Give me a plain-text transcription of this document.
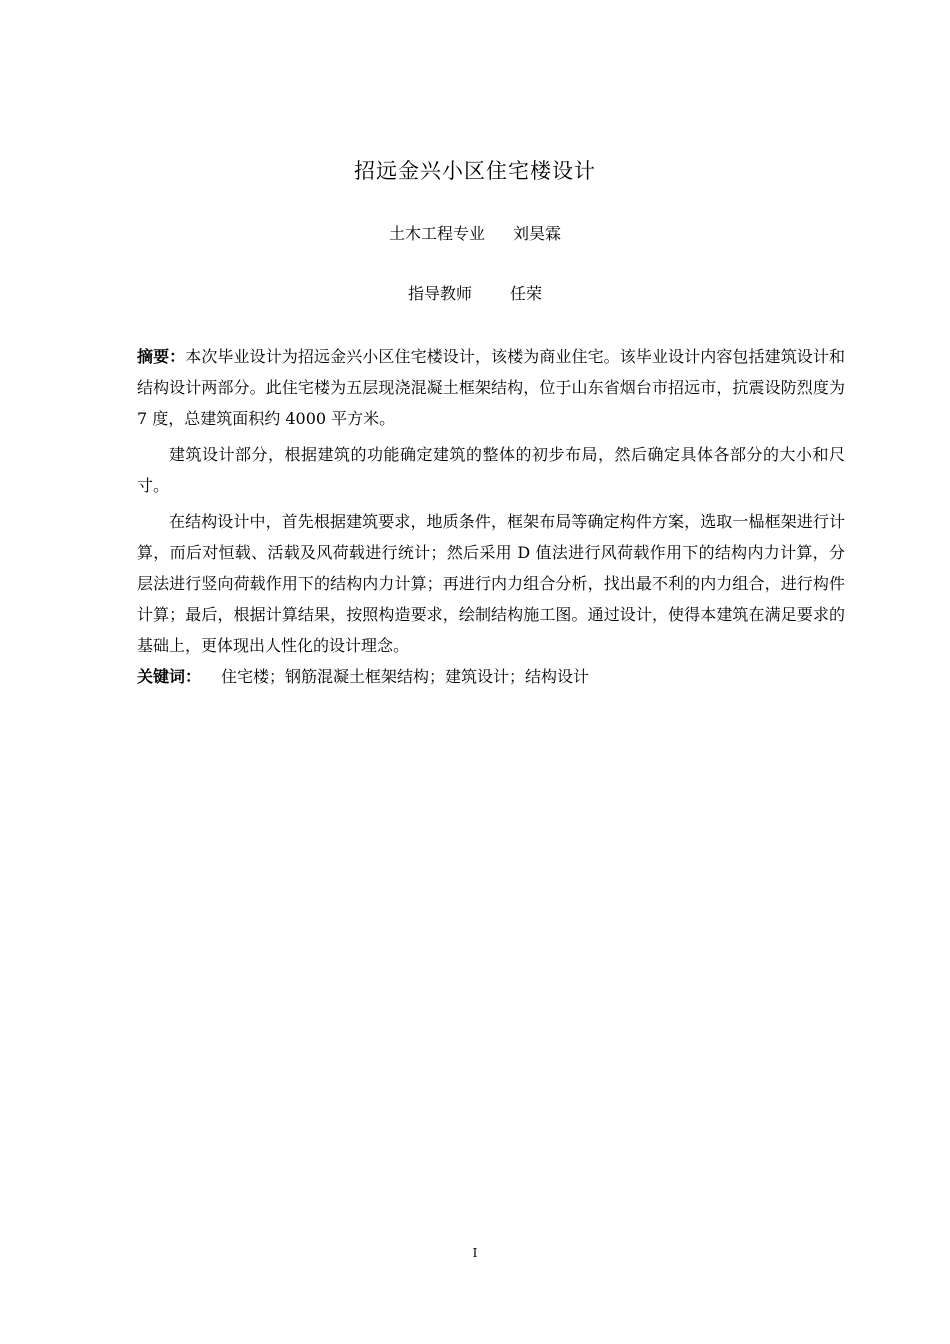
招远金兴小区住宅楼设计
土木工程专业 刘昊霖
指导教师 任荣

摘要：本次毕业设计为招远金兴小区住宅楼设计，该楼为商业住宅。该毕业设计内容包括建筑设计和结构设计两部分。此住宅楼为五层现浇混凝土框架结构，位于山东省烟台市招远市，抗震设防烈度为 7 度，总建筑面积约 4000 平方米。

建筑设计部分，根据建筑的功能确定建筑的整体的初步布局，然后确定具体各部分的大小和尺寸。

在结构设计中，首先根据建筑要求，地质条件，框架布局等确定构件方案，选取一榀框架进行计算，而后对恒载、活载及风荷载进行统计；然后采用 D 值法进行风荷载作用下的结构内力计算，分层法进行竖向荷载作用下的结构内力计算；再进行内力组合分析，找出最不利的内力组合，进行构件计算；最后，根据计算结果，按照构造要求，绘制结构施工图。通过设计，使得本建筑在满足要求的基础上，更体现出人性化的设计理念。

关键词： 住宅楼；钢筋混凝土框架结构；建筑设计；结构设计

I
